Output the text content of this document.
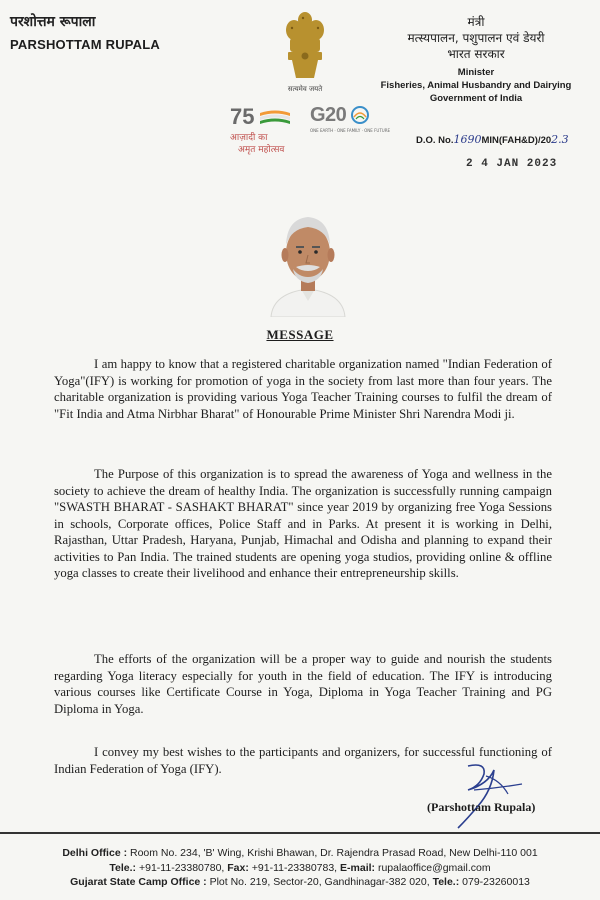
परशोत्तम रूपाला
PARSHOTTAM RUPALA
सत्यमेव जयते
मंत्री
मत्स्यपालन, पशुपालन एवं डेयरी
भारत सरकार
Minister
Fisheries, Animal Husbandry and Dairying
Government of India
75
आज़ादी का
अमृत महोत्सव
G20
ONE EARTH · ONE FAMILY · ONE FUTURE
D.O. No.1690MIN(FAH&D)/202.3
2 4 JAN 2023
MESSAGE

I am happy to know that a registered charitable organization named "Indian Federation of Yoga"(IFY) is working for promotion of yoga in the society from last more than four years. The charitable organization is providing various Yoga Teacher Training courses to fulfil the dream of "Fit India and Atma Nirbhar Bharat" of Honourable Prime Minister Shri Narendra Modi ji.

The Purpose of this organization is to spread the awareness of Yoga and wellness in the society to achieve the dream of healthy India. The organization is successfully running campaign "SWASTH BHARAT - SASHAKT BHARAT" since year 2019 by organizing free Yoga Sessions in schools, Corporate offices, Police Staff and in Parks. At present it is working in Delhi, Rajasthan, Uttar Pradesh, Haryana, Punjab, Himachal and Odisha and planning to expand their activities to Pan India. The trained students are opening yoga studios, providing online & offline yoga classes to create their livelihood and enhance their entrepreneurship skills.

The efforts of the organization will be a proper way to guide and nourish the students regarding Yoga literacy especially for youth in the field of education. The IFY is introducing various courses like Certificate Course in Yoga, Diploma in Yoga Teacher Training and PG Diploma in Yoga.

I convey my best wishes to the participants and organizers, for successful functioning of Indian Federation of Yoga (IFY).

(Parshottam Rupala)
Delhi Office : Room No. 234, 'B' Wing, Krishi Bhawan, Dr. Rajendra Prasad Road, New Delhi-110 001
Tele.: +91-11-23380780, Fax: +91-11-23380783, E-mail: rupalaoffice@gmail.com
Gujarat State Camp Office : Plot No. 219, Sector-20, Gandhinagar-382 020, Tele.: 079-23260013
